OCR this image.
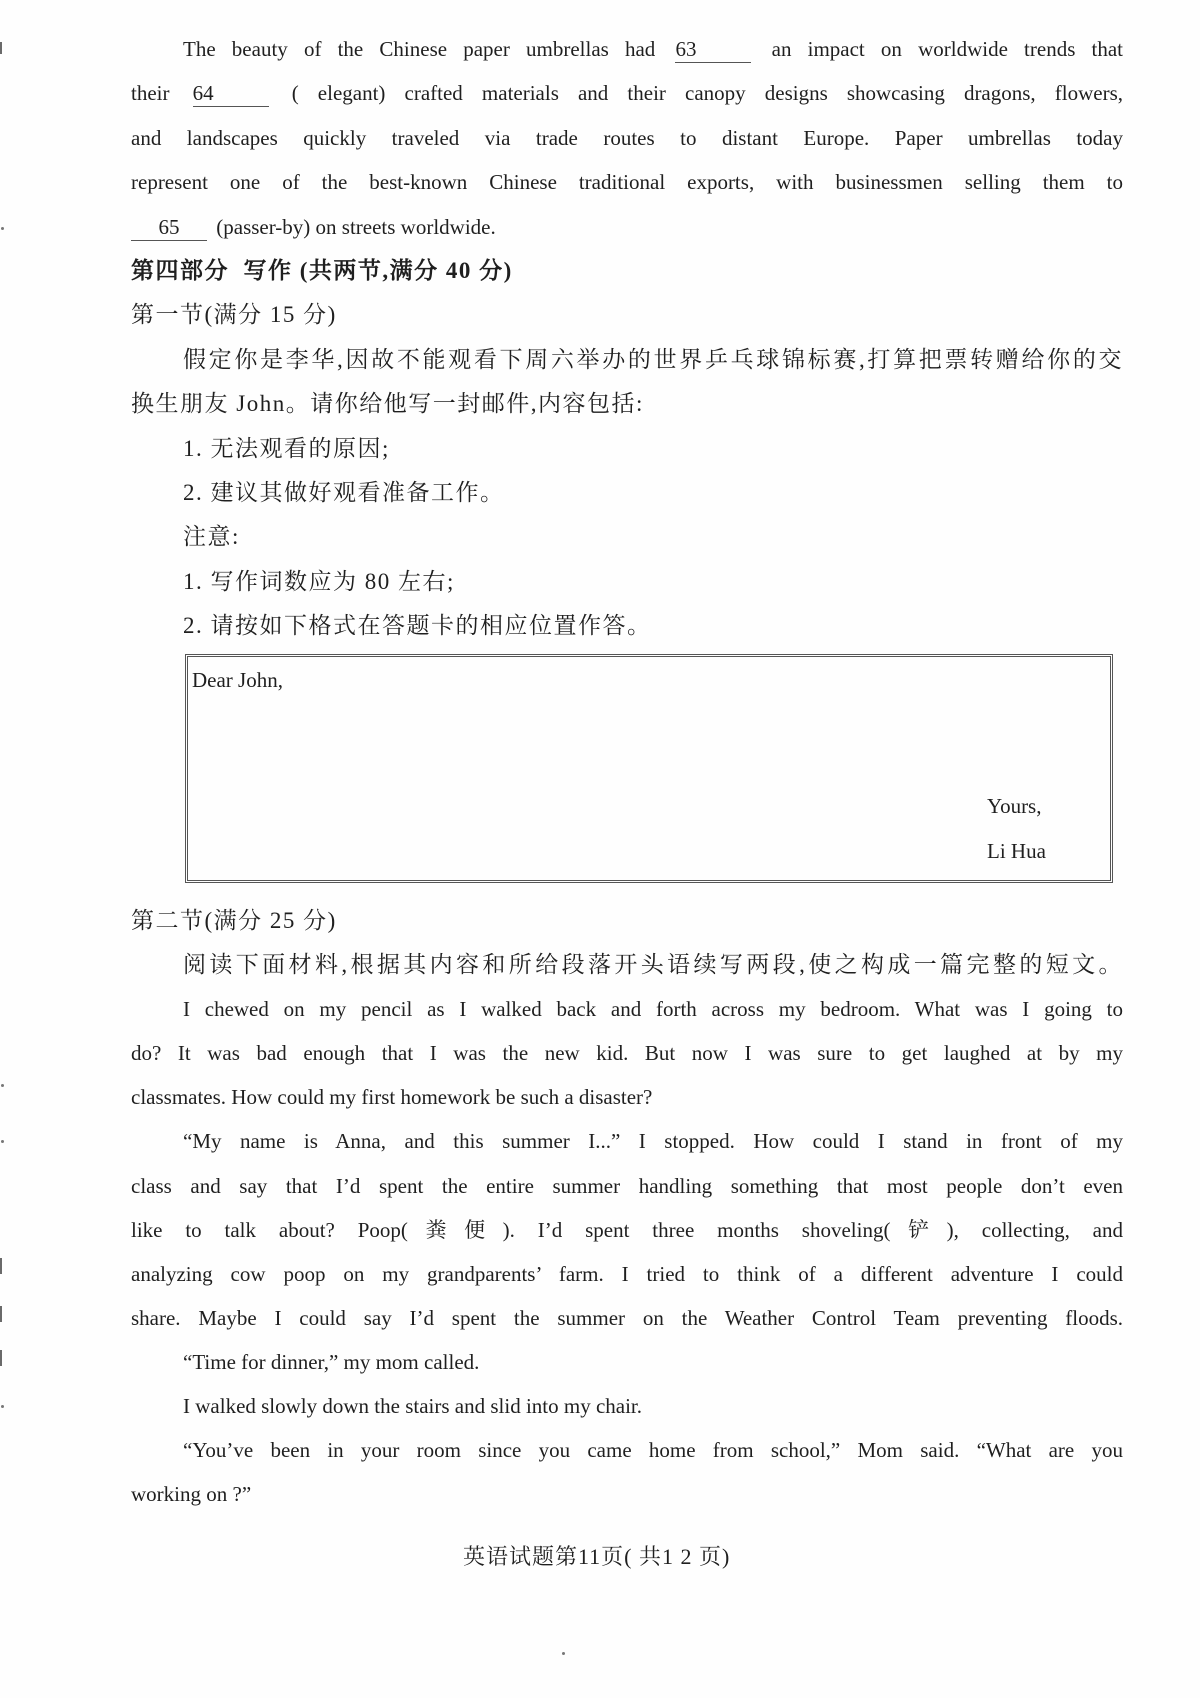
The beauty of the Chinese paper umbrellas had 63	an impact on worldwide trends that
their 64	( elegant) crafted materials and their canopy designs showcasing dragons, flowers,
and landscapes quickly traveled via trade routes to distant Europe. Paper umbrellas today
represent one of the best-known Chinese traditional exports, with businessmen selling them to
65 (passer-by) on streets worldwide.
第四部分  写作 (共两节,满分 40 分)
第一节(满分 15 分)
假定你是李华,因故不能观看下周六举办的世界乒乓球锦标赛,打算把票转赠给你的交
换生朋友 John。请你给他写一封邮件,内容包括:
1. 无法观看的原因;
2. 建议其做好观看准备工作。
注意:
1. 写作词数应为 80 左右;
2. 请按如下格式在答题卡的相应位置作答。
Dear John,
Yours,
Li Hua
第二节(满分 25 分)
阅读下面材料,根据其内容和所给段落开头语续写两段,使之构成一篇完整的短文。
I chewed on my pencil as I walked back and forth across my bedroom. What was I going to
do? It was bad enough that I was the new kid. But now I was sure to get laughed at by my
classmates. How could my first homework be such a disaster?
“My name is Anna, and this summer I...” I stopped. How could I stand in front of my
class and say that I’d spent the entire summer handling something that most people don’t even
like to talk about? Poop(粪便). I’d spent three months shoveling(铲), collecting, and
analyzing cow poop on my grandparents’ farm. I tried to think of a different adventure I could
share. Maybe I could say I’d spent the summer on the Weather Control Team preventing floods.
“Time for dinner,” my mom called.
I walked slowly down the stairs and slid into my chair.
“You’ve been in your room since you came home from school,” Mom said. “What are you
working on ?”
英语试题第11页( 共1 2 页)
